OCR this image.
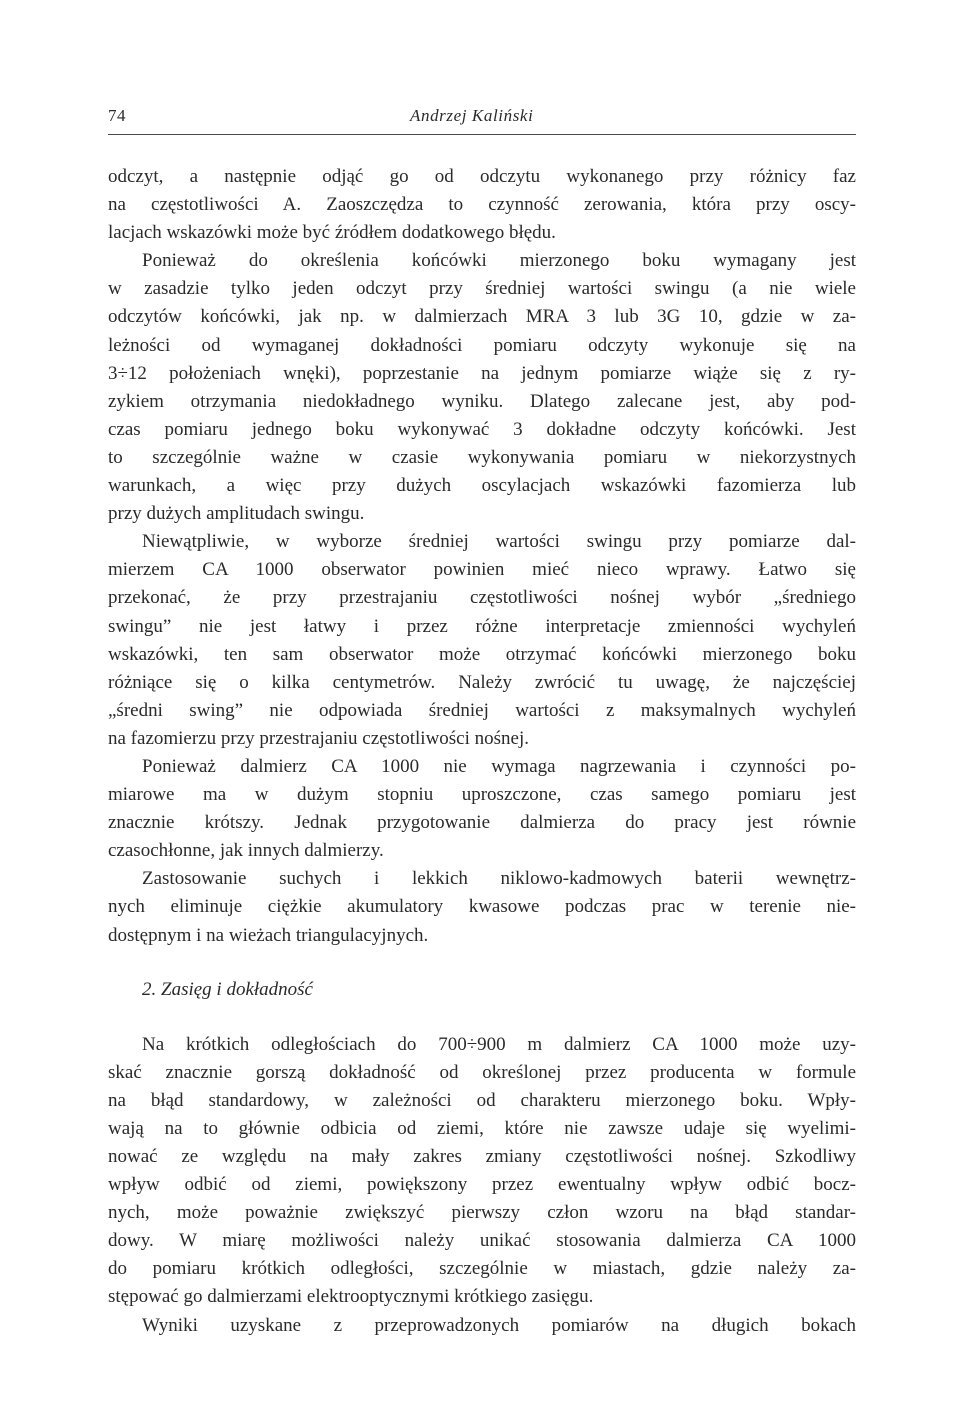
74	Andrzej Kaliński
odczyt, a następnie odjąć go od odczytu wykonanego przy różnicy faz
na częstotliwości A. Zaoszczędza to czynność zerowania, która przy oscy-
lacjach wskazówki może być źródłem dodatkowego błędu.
Ponieważ do określenia końcówki mierzonego boku wymagany jest
w zasadzie tylko jeden odczyt przy średniej wartości swingu (a nie wiele
odczytów końcówki, jak np. w dalmierzach MRA 3 lub 3G 10, gdzie w za-
leżności od wymaganej dokładności pomiaru odczyty wykonuje się na
3÷12 położeniach wnęki), poprzestanie na jednym pomiarze wiąże się z ry-
zykiem otrzymania niedokładnego wyniku. Dlatego zalecane jest, aby pod-
czas pomiaru jednego boku wykonywać 3 dokładne odczyty końcówki. Jest
to szczególnie ważne w czasie wykonywania pomiaru w niekorzystnych
warunkach, a więc przy dużych oscylacjach wskazówki fazomierza lub
przy dużych amplitudach swingu.
Niewątpliwie, w wyborze średniej wartości swingu przy pomiarze dal-
mierzem CA 1000 obserwator powinien mieć nieco wprawy. Łatwo się
przekonać, że przy przestrajaniu częstotliwości nośnej wybór „średniego
swingu” nie jest łatwy i przez różne interpretacje zmienności wychyleń
wskazówki, ten sam obserwator może otrzymać końcówki mierzonego boku
różniące się o kilka centymetrów. Należy zwrócić tu uwagę, że najczęściej
„średni swing” nie odpowiada średniej wartości z maksymalnych wychyleń
na fazomierzu przy przestrajaniu częstotliwości nośnej.
Ponieważ dalmierz CA 1000 nie wymaga nagrzewania i czynności po-
miarowe ma w dużym stopniu uproszczone, czas samego pomiaru jest
znacznie krótszy. Jednak przygotowanie dalmierza do pracy jest równie
czasochłonne, jak innych dalmierzy.
Zastosowanie suchych i lekkich niklowo-kadmowych baterii wewnętrz-
nych eliminuje ciężkie akumulatory kwasowe podczas prac w terenie nie-
dostępnym i na wieżach triangulacyjnych.
2. Zasięg i dokładność
Na krótkich odległościach do 700÷900 m dalmierz CA 1000 może uzy-
skać znacznie gorszą dokładność od określonej przez producenta w formule
na błąd standardowy, w zależności od charakteru mierzonego boku. Wpły-
wają na to głównie odbicia od ziemi, które nie zawsze udaje się wyelimi-
nować ze względu na mały zakres zmiany częstotliwości nośnej. Szkodliwy
wpływ odbić od ziemi, powiększony przez ewentualny wpływ odbić bocz-
nych, może poważnie zwiększyć pierwszy człon wzoru na błąd standar-
dowy. W miarę możliwości należy unikać stosowania dalmierza CA 1000
do pomiaru krótkich odległości, szczególnie w miastach, gdzie należy za-
stępować go dalmierzami elektrooptycznymi krótkiego zasięgu.
Wyniki uzyskane z przeprowadzonych pomiarów na długich bokach
